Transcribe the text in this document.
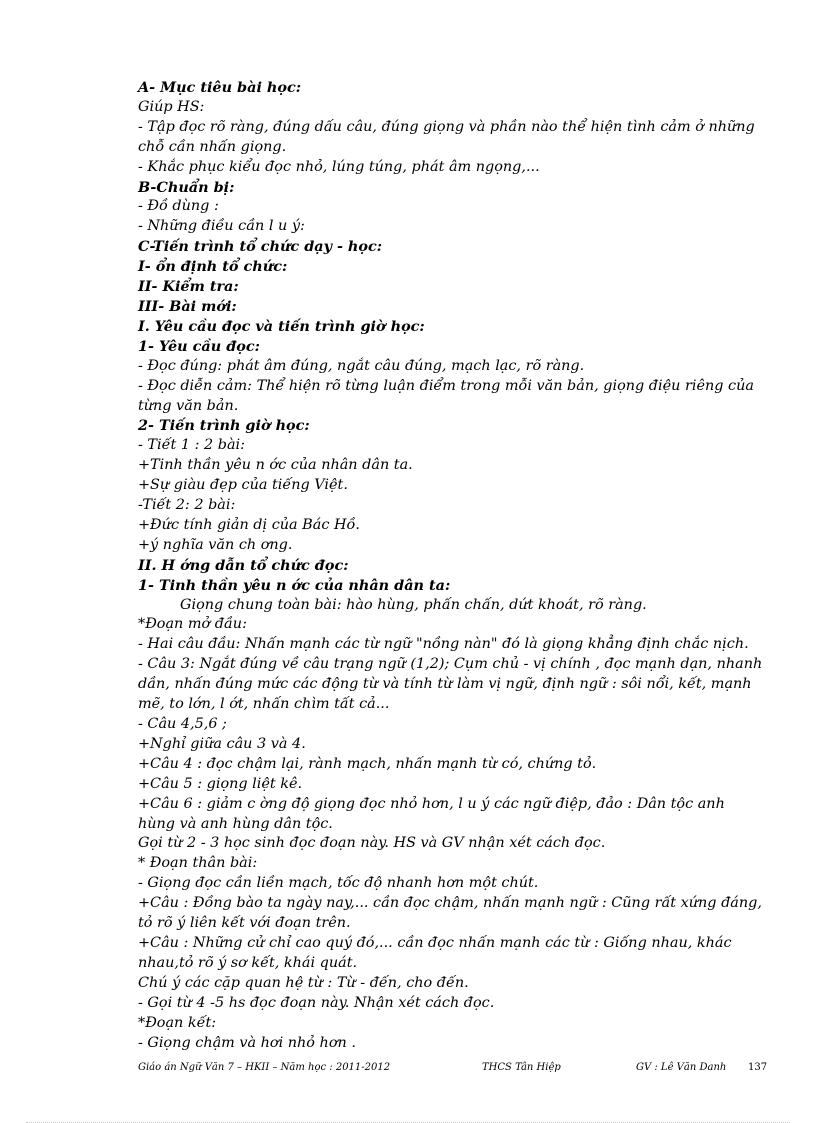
A- Mục tiêu bài học:
Giúp HS:
- Tập đọc rõ ràng, đúng dấu câu, đúng giọng và phần nào thể hiện tình cảm ở những
chỗ cần nhấn giọng.
- Khắc phục kiểu đọc nhỏ, lúng túng, phát âm ngọng,...
B-Chuẩn bị:
- Đồ dùng :
- Những điều cần l u ý:
C-Tiến trình tổ chức dạy - học:
I- ổn định tổ chức:
II- Kiểm tra:
III- Bài mới:
I. Yêu cầu đọc và tiến trình giờ học:
1- Yêu cầu đọc:
- Đọc đúng: phát âm đúng, ngắt câu đúng, mạch lạc, rõ ràng.
- Đọc diễn cảm: Thể hiện rõ từng luận điểm trong mỗi văn bản, giọng điệu riêng của
từng văn bản.
2- Tiến trình giờ học:
- Tiết 1 : 2 bài:
+Tinh thần yêu n ớc của nhân dân ta.
+Sự giàu đẹp của tiếng Việt.
-Tiết 2: 2 bài:
+Đức tính giản dị của Bác Hồ.
+ý nghĩa văn ch ơng.
II. H ớng dẫn tổ chức đọc:
1- Tinh thần yêu n ớc của nhân dân ta:
Giọng chung toàn bài: hào hùng, phấn chấn, dứt khoát, rõ ràng.
*Đoạn mở đầu:
- Hai câu đầu: Nhấn mạnh các từ ngữ "nồng nàn" đó là giọng khẳng định chắc nịch.
- Câu 3: Ngắt đúng về câu trạng ngữ (1,2); Cụm chủ - vị chính , đọc mạnh dạn, nhanh
dần, nhấn đúng mức các động từ và tính từ làm vị ngữ, định ngữ : sôi nổi, kết, mạnh
mẽ, to lớn, l ớt, nhấn chìm tất cả...
- Câu 4,5,6 ;
+Nghỉ giữa câu 3 và 4.
+Câu 4 : đọc chậm lại, rành mạch, nhấn mạnh từ có, chứng tỏ.
+Câu 5 : giọng liệt kê.
+Câu 6 : giảm c ờng độ giọng đọc nhỏ hơn, l u ý các ngữ điệp, đảo : Dân tộc anh
hùng và anh hùng dân tộc.
Gọi từ 2 - 3 học sinh đọc đoạn này. HS và GV nhận xét cách đọc.
* Đoạn thân bài:
- Giọng đọc cần liền mạch, tốc độ nhanh hơn một chút.
+Câu : Đồng bào ta ngày nay,... cần đọc chậm, nhấn mạnh ngữ : Cũng rất xứng đáng,
tỏ rõ ý liên kết với đoạn trên.
+Câu : Những cử chỉ cao quý đó,... cần đọc nhấn mạnh các từ : Giống nhau, khác
nhau,tỏ rõ ý sơ kết, khái quát.
Chú ý các cặp quan hệ từ : Từ - đến, cho đến.
- Gọi từ 4 -5 hs đọc đoạn này. Nhận xét cách đọc.
*Đoạn kết:
- Giọng chậm và hơi nhỏ hơn .
Giáo án Ngữ Văn 7 – HKII – Năm học : 2011-2012	THCS Tân Hiệp	GV : Lê Văn Danh 137
